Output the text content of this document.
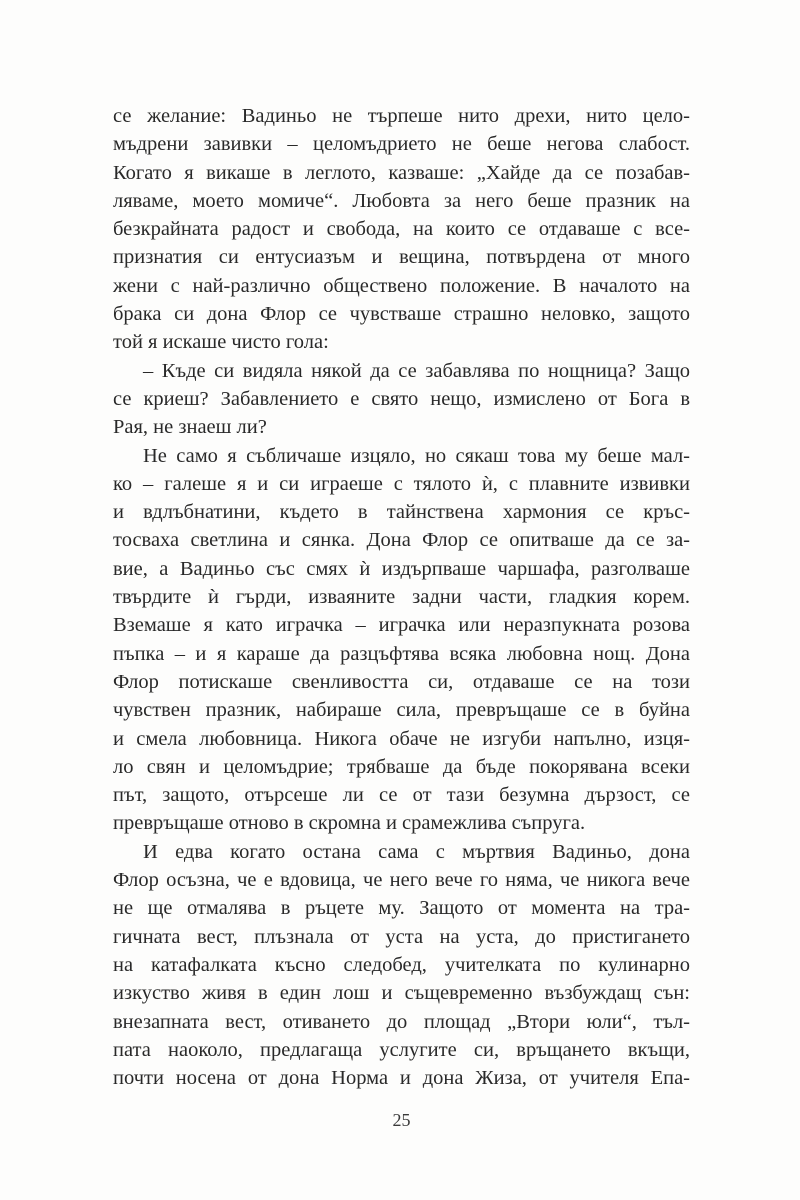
се желание: Вадиньо не търпеше нито дрехи, нито цело-
мъдрени завивки – целомъдрието не беше негова слабост.
Когато я викаше в леглото, казваше: „Хайде да се позабав-
ляваме, моето момиче“. Любовта за него беше празник на
безкрайната радост и свобода, на които се отдаваше с все-
признатия си ентусиазъм и вещина, потвърдена от много
жени с най-различно обществено положение. В началото на
брака си дона Флор се чувстваше страшно неловко, защото
той я искаше чисто гола:
– Къде си видяла някой да се забавлява по нощница? Защо
се криеш? Забавлението е свято нещо, измислено от Бога в
Рая, не знаеш ли?
Не само я събличаше изцяло, но сякаш това му беше мал-
ко – галеше я и си играеше с тялото ѝ, с плавните извивки
и вдлъбнатини, където в тайнствена хармония се кръс-
тосваха светлина и сянка. Дона Флор се опитваше да се за-
вие, а Вадиньо със смях ѝ издърпваше чаршафа, разголваше
твърдите ѝ гърди, изваяните задни части, гладкия корем.
Вземаше я като играчка – играчка или неразпукната розова
пъпка – и я караше да разцъфтява всяка любовна нощ. Дона
Флор потискаше свенливостта си, отдаваше се на този
чувствен празник, набираше сила, превръщаше се в буйна
и смела любовница. Никога обаче не изгуби напълно, изця-
ло свян и целомъдрие; трябваше да бъде покорявана всеки
път, защото, отърсеше ли се от тази безумна дързост, се
превръщаше отново в скромна и срамежлива съпруга.
И едва когато остана сама с мъртвия Вадиньо, дона
Флор осъзна, че е вдовица, че него вече го няма, че никога вече
не ще отмалява в ръцете му. Защото от момента на тра-
гичната вест, плъзнала от уста на уста, до пристигането
на катафалката късно следобед, учителката по кулинарно
изкуство живя в един лош и същевременно възбуждащ сън:
внезапната вест, отиването до площад „Втори юли“, тъл-
пата наоколо, предлагаща услугите си, връщането вкъщи,
почти носена от дона Норма и дона Жиза, от учителя Епа-
25
